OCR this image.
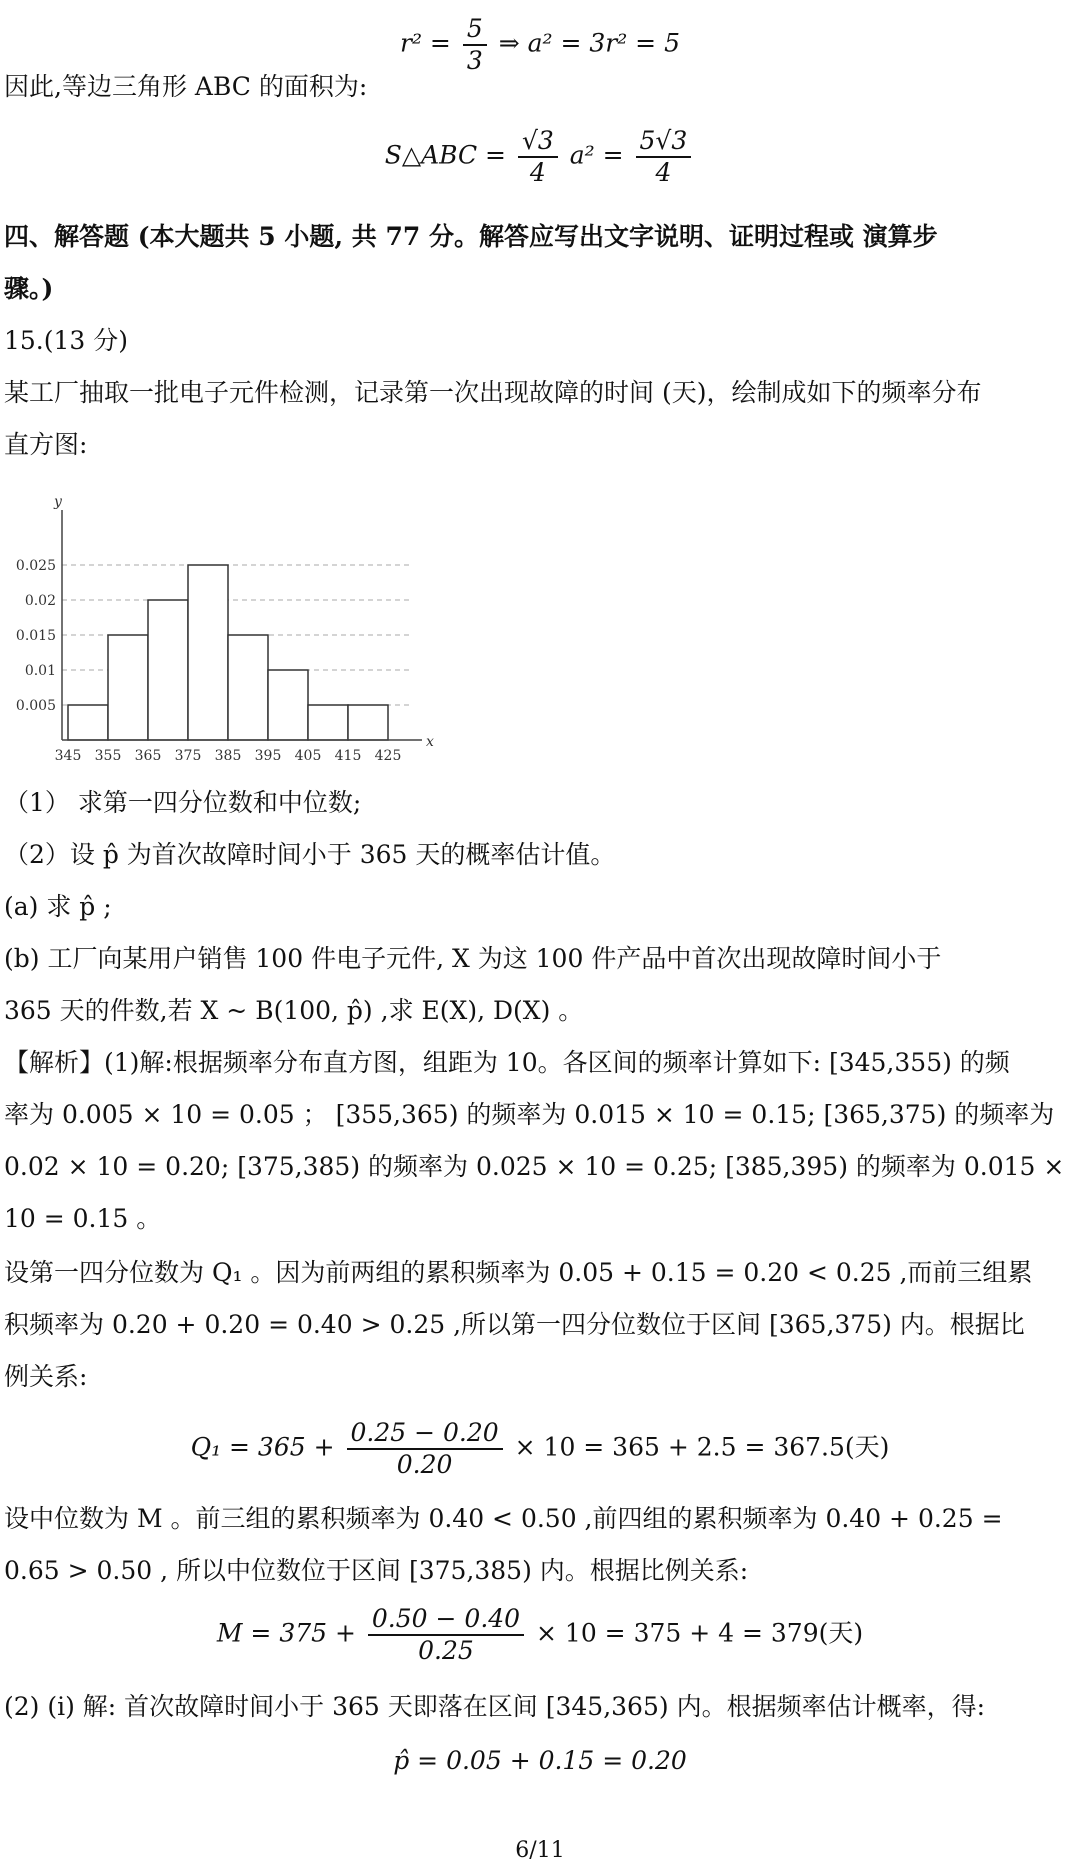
$r^2 = \frac{5}{3}$ ⇒ a² = 3r² = 5
因此,等边三角形 ABC 的面积为:
S△ABC = $\frac{√3}{4} a^2 = \frac{5√3}{4}$
四、解答题 (本大题共 5 小题, 共 77 分。解答应写出文字说明、证明过程或 演算步
骤。)
15.(13 分)
某工厂抽取一批电子元件检测，记录第一次出现故障的时间 (天)，绘制成如下的频率分布
直方图:
0.005
0.01
0.015
0.02
0.025
345 355 365 375 385 395 405 415 425
x
y
（1） 求第一四分位数和中位数;
（2）设 p̂ 为首次故障时间小于 365 天的概率估计值。
(a) 求 p̂ ;
(b) 工厂向某用户销售 100 件电子元件, X 为这 100 件产品中首次出现故障时间小于
365 天的件数,若 X ~ B(100, p̂) ,求 E(X), D(X) 。
【解析】(1)解:根据频率分布直方图，组距为 10。各区间的频率计算如下: [345,355) 的频
率为 0.005 × 10 = 0.05 ； [355,365) 的频率为 0.015 × 10 = 0.15; [365,375) 的频率为
0.02 × 10 = 0.20; [375,385) 的频率为 0.025 × 10 = 0.25; [385,395) 的频率为 0.015 ×
10 = 0.15 。
设第一四分位数为 Q₁ 。因为前两组的累积频率为 0.05 + 0.15 = 0.20 < 0.25 ,而前三组累
积频率为 0.20 + 0.20 = 0.40 > 0.25 ,所以第一四分位数位于区间 [365,375) 内。根据比
例关系:
$Q_1 = 365 + \frac{0.25 - 0.20}{0.20} \times 10 = 365 + 2.5 = 367.5$(天)
设中位数为 M 。前三组的累积频率为 0.40 < 0.50 ,前四组的累积频率为 0.40 + 0.25 =
0.65 > 0.50 , 所以中位数位于区间 [375,385) 内。根据比例关系:
$M = 375 + \frac{0.50 - 0.40}{0.25} \times 10 = 375 + 4 = 379$(天)
(2) (i) 解: 首次故障时间小于 365 天即落在区间 [345,365) 内。根据频率估计概率，得:
p̂ = 0.05 + 0.15 = 0.20
6/11
